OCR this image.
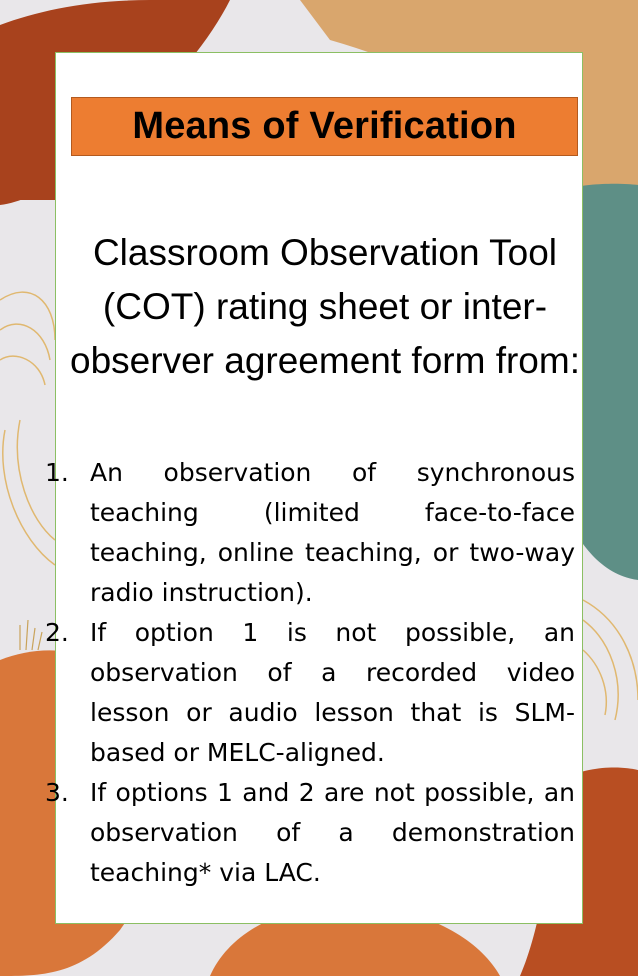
Means of Verification

Classroom Observation Tool (COT) rating sheet or inter-observer agreement form from:

1. An observation of synchronous teaching (limited face-to-face teaching, online teaching, or two-way radio instruction).
2. If option 1 is not possible, an observation of a recorded video lesson or audio lesson that is SLM-based or MELC-aligned.
3. If options 1 and 2 are not possible, an observation of a demonstration teaching* via LAC.
